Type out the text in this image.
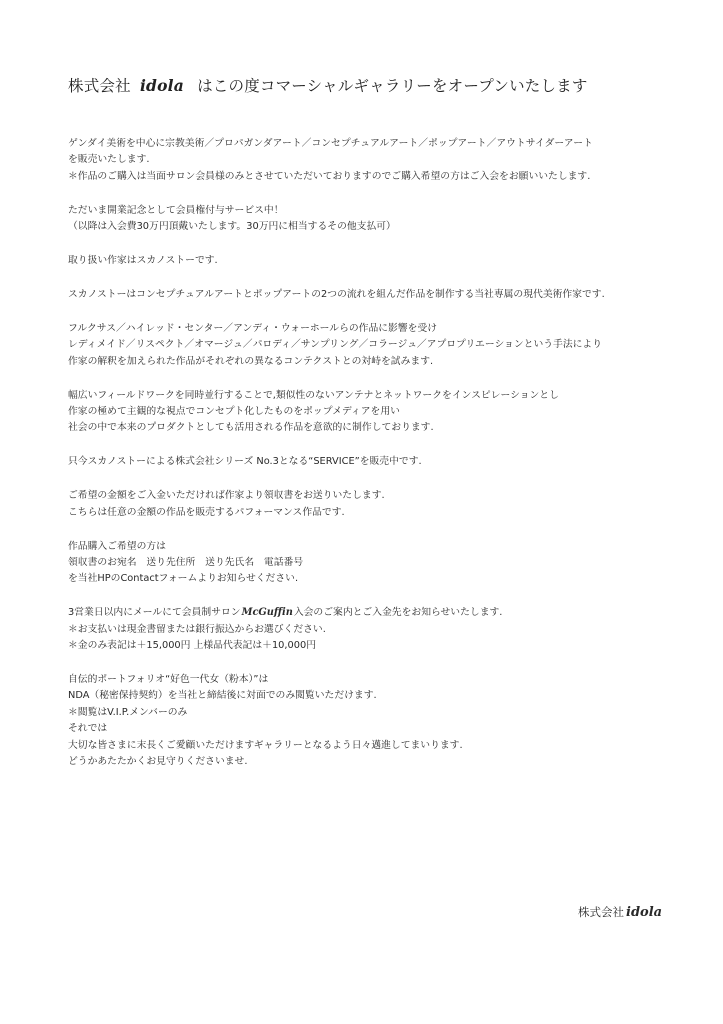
株式会社 idola はこの度コマーシャルギャラリーをオープンいたします
ゲンダイ美術を中心に宗教美術／プロパガンダアート／コンセプチュアルアート／ポップアート／アウトサイダーアート
を販売いたします.
＊作品のご購入は当面サロン会員様のみとさせていただいておりますのでご購入希望の方はご入会をお願いいたします.
ただいま開業記念として会員権付与サービス中！
（以降は入会費30万円頂戴いたします。30万円に相当するその他支払可）
取り扱い作家はスカノストーです.
スカノストーはコンセプチュアルアートとポップアートの2つの流れを組んだ作品を制作する当社専属の現代美術作家です.
フルクサス／ハイレッド・センター／アンディ・ウォーホールらの作品に影響を受け
レディメイド／リスペクト／オマージュ／パロディ／サンプリング／コラージュ／アプロプリエーションという手法により
作家の解釈を加えられた作品がそれぞれの異なるコンテクストとの対峙を試みます.
幅広いフィールドワークを同時並行することで,類似性のないアンテナとネットワークをインスピレーションとし
作家の極めて主観的な視点でコンセプト化したものをポップメディアを用い
社会の中で本来のプロダクトとしても活用される作品を意欲的に制作しております.
只今スカノストーによる株式会社シリーズ No.3となる“SERVICE”を販売中です.
ご希望の金額をご入金いただければ作家より領収書をお送りいたします.
こちらは任意の金額の作品を販売するパフォーマンス作品です.
作品購入ご希望の方は
領収書のお宛名　送り先住所　送り先氏名　電話番号
を当社HPのContactフォームよりお知らせください.
3営業日以内にメールにて会員制サロンMcGuffin入会のご案内とご入金先をお知らせいたします.
＊お支払いは現金書留または銀行振込からお選びください.
＊金のみ表記は＋15,000円 上様品代表記は＋10,000円
自伝的ポートフォリオ“好色一代女（粉本）”は
NDA（秘密保持契約）を当社と締結後に対面でのみ閲覧いただけます.
＊閲覧はV.I.P.メンバーのみ
それでは
大切な皆さまに末長くご愛顧いただけますギャラリーとなるよう日々邁進してまいります.
どうかあたたかくお見守りくださいませ.
株式会社 idola
